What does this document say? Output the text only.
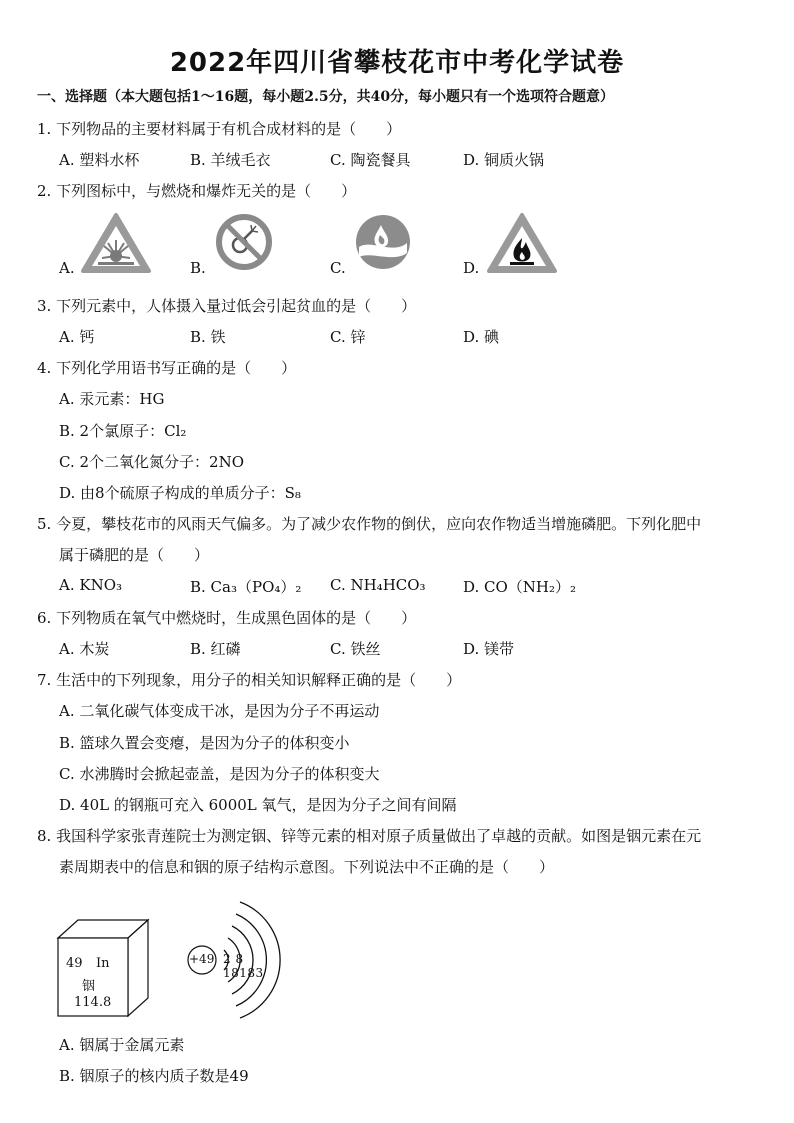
2022年四川省攀枝花市中考化学试卷
一、选择题（本大题包括1～16题，每小题2.5分，共40分，每小题只有一个选项符合题意）
1. 下列物品的主要材料属于有机合成材料的是（　　）
A. 塑料水杯	B. 羊绒毛衣	C. 陶瓷餐具	D. 铜质火锅
2. 下列图标中，与燃烧和爆炸无关的是（　　）
A.	B.	C.	D.
3. 下列元素中，人体摄入量过低会引起贫血的是（　　）
A. 钙	B. 铁	C. 锌	D. 碘
4. 下列化学用语书写正确的是（　　）
A. 汞元素：HG
B. 2个氯原子：Cl₂
C. 2个二氧化氮分子：2NO
D. 由8个硫原子构成的单质分子：S₈
5. 今夏，攀枝花市的风雨天气偏多。为了减少农作物的倒伏，应向农作物适当增施磷肥。下列化肥中
属于磷肥的是（　　）
A. KNO₃	B. Ca₃（PO₄）₂ C. NH₄HCO₃ D. CO（NH₂）₂
6. 下列物质在氧气中燃烧时，生成黑色固体的是（　　）
A. 木炭	B. 红磷	C. 铁丝	D. 镁带
7. 生活中的下列现象，用分子的相关知识解释正确的是（　　）
A. 二氧化碳气体变成干冰，是因为分子不再运动
B. 篮球久置会变瘪，是因为分子的体积变小
C. 水沸腾时会掀起壶盖，是因为分子的体积变大
D. 40L 的钢瓶可充入 6000L 氧气，是因为分子之间有间隔
8. 我国科学家张青莲院士为测定铟、锌等元素的相对原子质量做出了卓越的贡献。如图是铟元素在元
素周期表中的信息和铟的原子结构示意图。下列说法中不正确的是（　　）
49 In
铟
114.8
+49 2 8 18183
A. 铟属于金属元素
B. 铟原子的核内质子数是49
